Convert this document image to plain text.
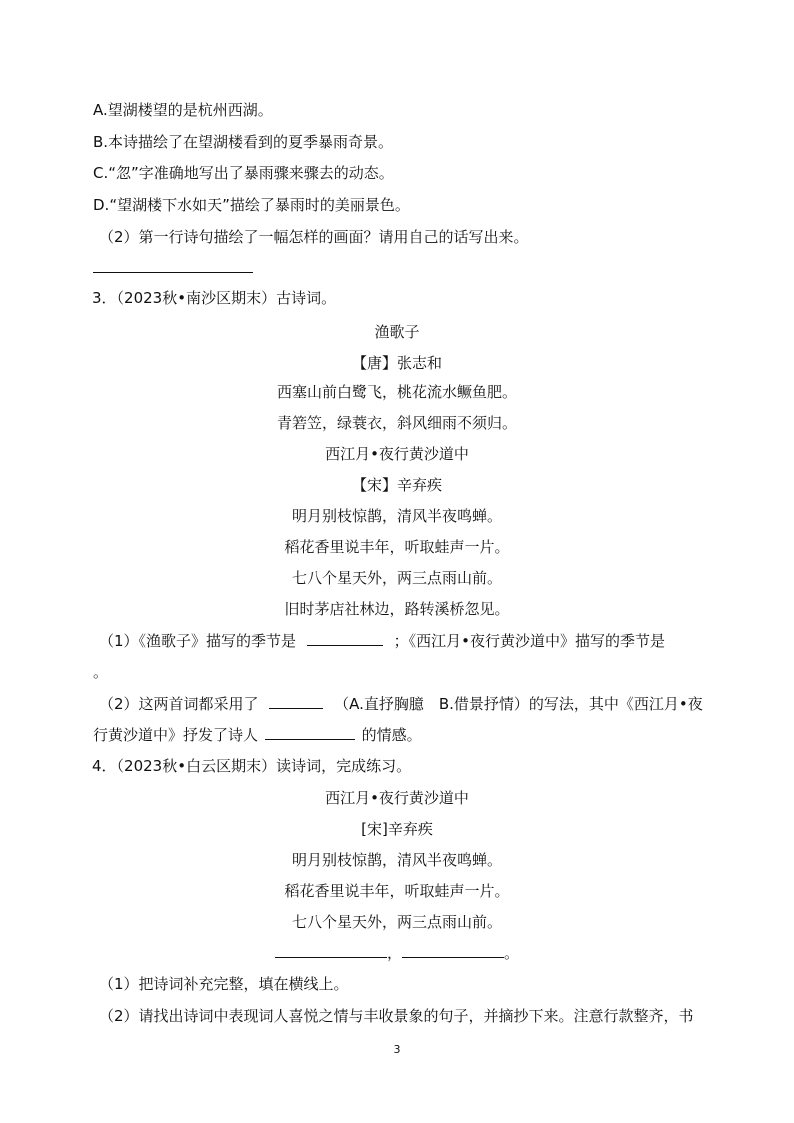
A.望湖楼望的是杭州西湖。
B.本诗描绘了在望湖楼看到的夏季暴雨奇景。
C.“忽”字准确地写出了暴雨骤来骤去的动态。
D.“望湖楼下水如天”描绘了暴雨时的美丽景色。
（2）第一行诗句描绘了一幅怎样的画面？请用自己的话写出来。
3．（2023秋•南沙区期末）古诗词。
渔歌子
【唐】张志和
西塞山前白鹭飞，桃花流水鳜鱼肥。
青箬笠，绿蓑衣，斜风细雨不须归。
西江月•夜行黄沙道中
【宋】辛弃疾
明月别枝惊鹊，清风半夜鸣蝉。
稻花香里说丰年，听取蛙声一片。
七八个星天外，两三点雨山前。
旧时茅店社林边，路转溪桥忽见。
（1）《渔歌子》描写的季节是	；《西江月•夜行黄沙道中》描写的季节是
。
（2）这两首词都采用了	（A.直抒胸臆　B.借景抒情）的写法，其中《西江月•夜
行黄沙道中》抒发了诗人	的情感。
4．（2023秋•白云区期末）读诗词，完成练习。
西江月•夜行黄沙道中
[宋]辛弃疾
明月别枝惊鹊，清风半夜鸣蝉。
稻花香里说丰年，听取蛙声一片。
七八个星天外，两三点雨山前。
，	。
（1）把诗词补充完整，填在横线上。
（2）请找出诗词中表现词人喜悦之情与丰收景象的句子，并摘抄下来。注意行款整齐，书
3
